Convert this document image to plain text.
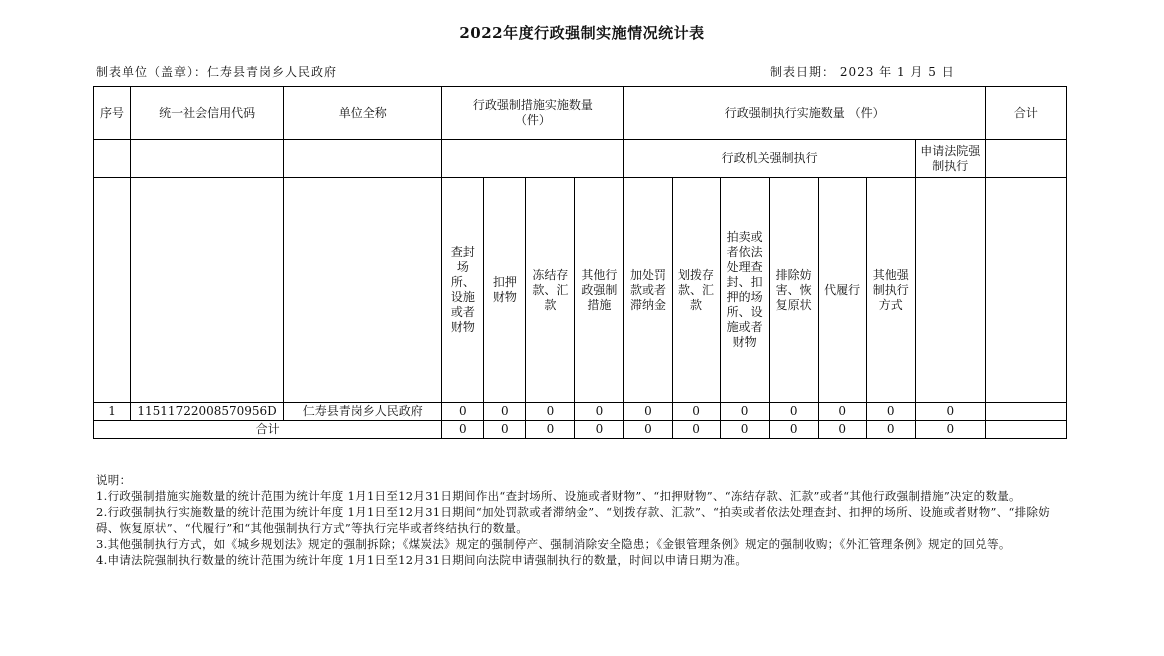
2022年度行政强制实施情况统计表
制表单位（盖章）：仁寿县青岗乡人民政府	制表日期： 2023 年 1 月 5 日
序号	统一社会信用代码	单位全称	行政强制措施实施数量（件）				行政强制执行实施数量 （件）							合计
							行政机关强制执行						申请法院强制执行	
			查封场所、设施或者财物	扣押财物	冻结存款、汇款	其他行政强制措施	加处罚款或者滞纳金	划拨存款、汇款	拍卖或者依法处理查封、扣押的场所、设施或者财物	排除妨害、恢复原状	代履行	其他强制执行方式		
1	11511722008570956D	仁寿县青岗乡人民政府	0	0	0	0	0	0	0	0	0	0	0	
合计			0	0	0	0	0	0	0	0	0	0	0	
说明：
1.行政强制措施实施数量的统计范围为统计年度 1月1日至12月31日期间作出“查封场所、设施或者财物”、“扣押财物”、“冻结存款、汇款”或者“其他行政强制措施”决定的数量。
2.行政强制执行实施数量的统计范围为统计年度 1月1日至12月31日期间“加处罚款或者滞纳金”、“划拨存款、汇款”、“拍卖或者依法处理查封、扣押的场所、设施或者财物”、“排除妨碍、恢复原状”、“代履行”和“其他强制执行方式”等执行完毕或者终结执行的数量。
3.其他强制执行方式，如《城乡规划法》规定的强制拆除；《煤炭法》规定的强制停产、强制消除安全隐患；《金银管理条例》规定的强制收购；《外汇管理条例》规定的回兑等。
4.申请法院强制执行数量的统计范围为统计年度 1月1日至12月31日期间向法院申请强制执行的数量，时间以申请日期为准。
